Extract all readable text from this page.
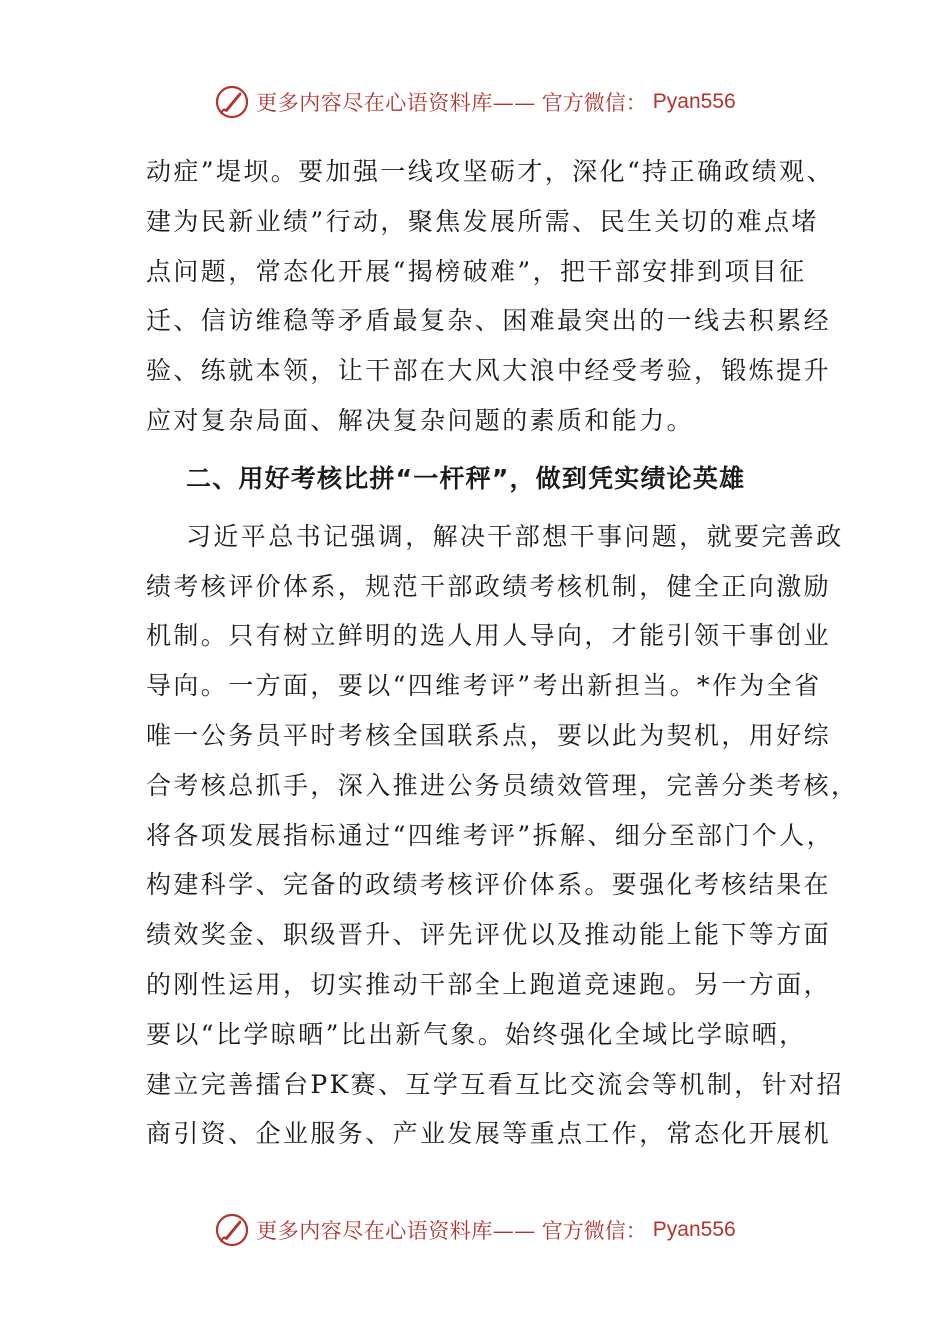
更多内容尽在心语资料库—— 官方微信： Pyan556
动症”堤坝。要加强一线攻坚砺才，深化“持正确政绩观、
建为民新业绩”行动，聚焦发展所需、民生关切的难点堵
点问题，常态化开展“揭榜破难”，把干部安排到项目征
迁、信访维稳等矛盾最复杂、困难最突出的一线去积累经
验、练就本领，让干部在大风大浪中经受考验，锻炼提升
应对复杂局面、解决复杂问题的素质和能力。
二、用好考核比拼“一杆秤”，做到凭实绩论英雄
习近平总书记强调，解决干部想干事问题，就要完善政
绩考核评价体系，规范干部政绩考核机制，健全正向激励
机制。只有树立鲜明的选人用人导向，才能引领干事创业
导向。一方面，要以“四维考评”考出新担当。*作为全省
唯一公务员平时考核全国联系点，要以此为契机，用好综
合考核总抓手，深入推进公务员绩效管理，完善分类考核，
将各项发展指标通过“四维考评”拆解、细分至部门个人，
构建科学、完备的政绩考核评价体系。要强化考核结果在
绩效奖金、职级晋升、评先评优以及推动能上能下等方面
的刚性运用，切实推动干部全上跑道竞速跑。另一方面，
要以“比学晾晒”比出新气象。始终强化全域比学晾晒，
建立完善擂台PK赛、互学互看互比交流会等机制，针对招
商引资、企业服务、产业发展等重点工作，常态化开展机
更多内容尽在心语资料库—— 官方微信： Pyan556
